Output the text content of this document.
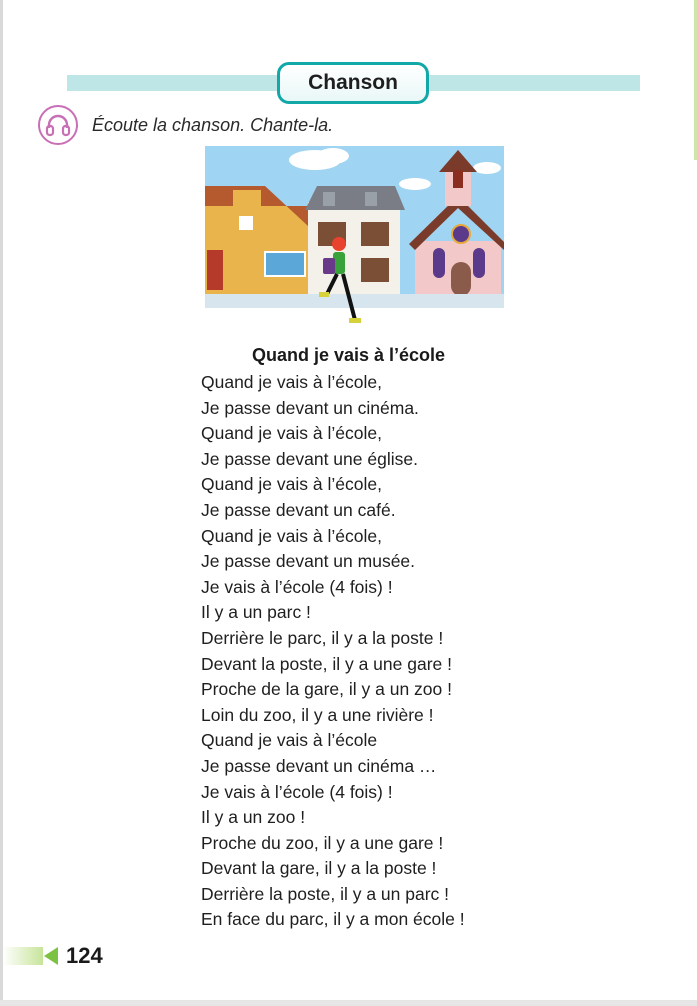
Chanson
Écoute la chanson. Chante-la.
Quand je vais à l’école
Quand je vais à l’école,
Je passe devant un cinéma.
Quand je vais à l’école,
Je passe devant une église.
Quand je vais à l’école,
Je passe devant un café.
Quand je vais à l’école,
Je passe devant un musée.
Je vais à l’école (4 fois) !
Il y a un parc !
Derrière le parc, il y a la poste !
Devant la poste, il y a une gare !
Proche de la gare, il y a un zoo !
Loin du zoo, il y a une rivière !
Quand je vais à l’école
Je passe devant un cinéma …
Je vais à l’école (4 fois) !
Il y a un zoo !
Proche du zoo, il y a une gare !
Devant la gare, il y a la poste !
Derrière la poste, il y a un parc !
En face du parc, il y a mon école !
124
